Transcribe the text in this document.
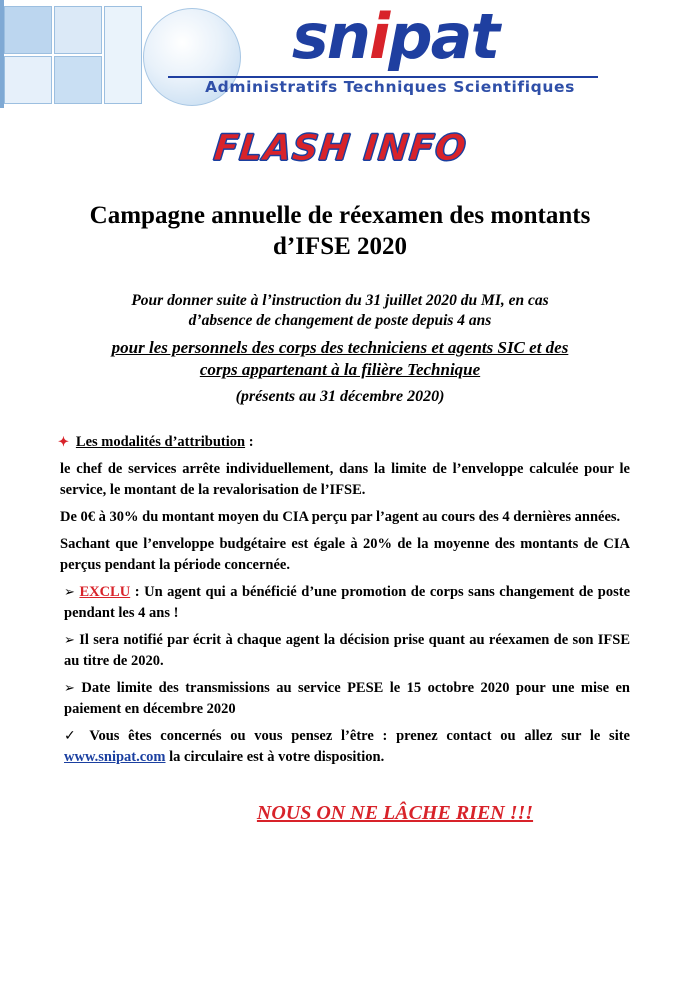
snipat
Administratifs Techniques Scientifiques
FLASH INFO
Campagne annuelle de réexamen des montants
d’IFSE 2020
Pour donner suite à l’instruction du 31 juillet 2020 du MI, en cas
d’absence de changement de poste depuis 4 ans
pour les personnels des corps des techniciens et agents SIC et des
corps appartenant à la filière Technique
(présents au 31 décembre 2020)
✦ Les modalités d’attribution :
le chef de services arrête individuellement, dans la limite de l’enveloppe calculée pour le service, le montant de la revalorisation de l’IFSE.
De 0€ à 30% du montant moyen du CIA perçu par l’agent au cours des 4 dernières années.
Sachant que l’enveloppe budgétaire est égale à 20% de la moyenne des montants de CIA perçus pendant la période concernée.
➢ EXCLU : Un agent qui a bénéficié d’une promotion de corps sans changement de poste pendant les 4 ans !
➢ Il sera notifié par écrit à chaque agent la décision prise quant au réexamen de son IFSE au titre de 2020.
➢ Date limite des transmissions au service PESE le 15 octobre 2020 pour une mise en paiement en décembre 2020
✓ Vous êtes concernés ou vous pensez l’être : prenez contact ou allez sur le site www.snipat.com la circulaire est à votre disposition.
NOUS ON NE LÂCHE RIEN !!!
